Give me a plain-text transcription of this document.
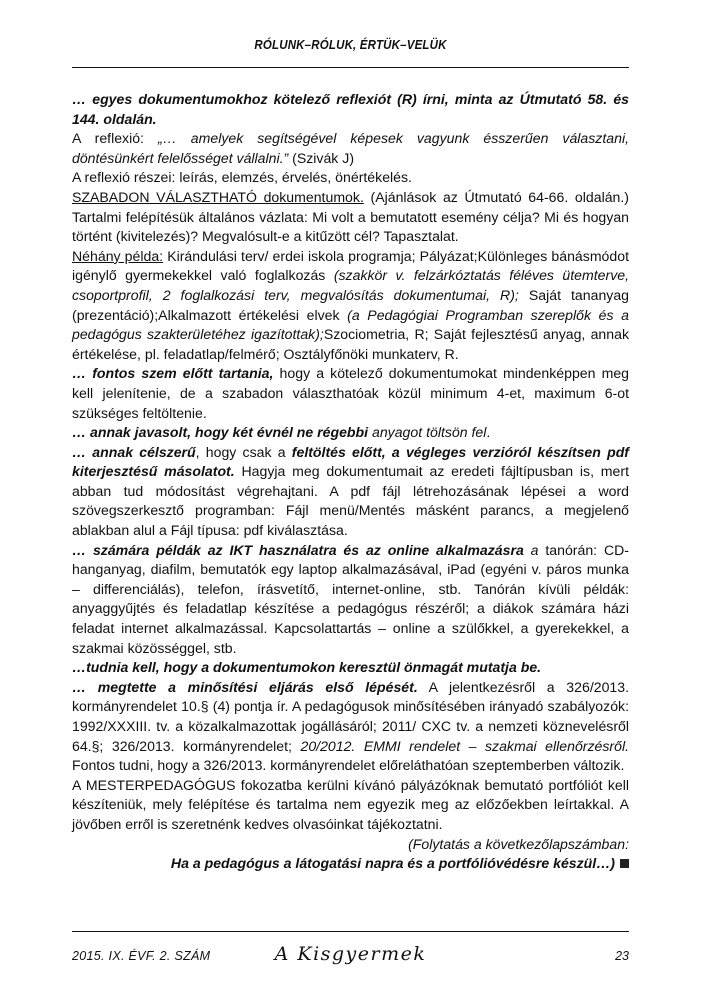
RÓLUNK–RÓLUK, ÉRTÜK–VELÜK

… egyes dokumentumokhoz kötelező reflexiót (R) írni, minta az Útmutató 58. és 144. oldalán.

A reflexió: „… amelyek segítségével képesek vagyunk ésszerűen választani, döntésünkért felelősséget vállalni.” (Szivák J)

A reflexió részei: leírás, elemzés, érvelés, önértékelés.

SZABADON VÁLASZTHATÓ dokumentumok. (Ajánlások az Útmutató 64-66. oldalán.) Tartalmi felépítésük általános vázlata: Mi volt a bemutatott esemény célja? Mi és hogyan történt (kivitelezés)? Megvalósult-e a kitűzött cél? Tapasztalat.

Néhány példa: Kirándulási terv/ erdei iskola programja; Pályázat;Különleges bánásmódot igénylő gyermekekkel való foglalkozás (szakkör v. felzárkóztatás féléves ütemterve, csoportprofil, 2 foglalkozási terv, megvalósítás dokumentumai, R); Saját tananyag (prezentáció);Alkalmazott értékelési elvek (a Pedagógiai Programban szereplők és a pedagógus szakterületéhez igazítottak);Szociometria, R; Saját fejlesztésű anyag, annak értékelése, pl. feladatlap/felmérő; Osztályfőnöki munkaterv, R.

… fontos szem előtt tartania, hogy a kötelező dokumentumokat mindenképpen meg kell jelenítenie, de a szabadon választhatóak közül minimum 4-et, maximum 6-ot szükséges feltöltenie.

… annak javasolt, hogy két évnél ne régebbi anyagot töltsön fel.

… annak célszerű, hogy csak a feltöltés előtt, a végleges verzióról készítsen pdf kiterjesztésű másolatot. Hagyja meg dokumentumait az eredeti fájltípusban is, mert abban tud módosítást végrehajtani. A pdf fájl létrehozásának lépései a word szövegszerkesztő programban: Fájl menü/Mentés másként parancs, a megjelenő ablakban alul a Fájl típusa: pdf kiválasztása.

… számára példák az IKT használatra és az online alkalmazásra a tanórán: CD-hanganyag, diafilm, bemutatók egy laptop alkalmazásával, iPad (egyéni v. páros munka – differenciálás), telefon, írásvetítő, internet-online, stb. Tanórán kívüli példák: anyaggyűjtés és feladatlap készítése a pedagógus részéről; a diákok számára házi feladat internet alkalmazással. Kapcsolattartás – online a szülőkkel, a gyerekekkel, a szakmai közösséggel, stb.

…tudnia kell, hogy a dokumentumokon keresztül önmagát mutatja be.

… megtette a minősítési eljárás első lépését. A jelentkezésről a 326/2013. kormányrendelet 10.§ (4) pontja ír. A pedagógusok minősítésében irányadó szabályozók: 1992/XXXIII. tv. a közalkalmazottak jogállásáról; 2011/ CXC tv. a nemzeti köznevelésről 64.§; 326/2013. kormányrendelet; 20/2012. EMMI rendelet – szakmai ellenőrzésről. Fontos tudni, hogy a 326/2013. kormányrendelet előreláthatóan szeptemberben változik.

A MESTERPEDAGÓGUS fokozatba kerülni kívánó pályázóknak bemutató portfóliót kell készíteniük, mely felépítése és tartalma nem egyezik meg az előzőekben leírtakkal. A jövőben erről is szeretnénk kedves olvasóinkat tájékoztatni.

(Folytatás a következőlapszámban:

Ha a pedagógus a látogatási napra és a portfólióvédésre készül…)

2015. IX. ÉVF. 2. SZÁM	A Kisgyermek	23
